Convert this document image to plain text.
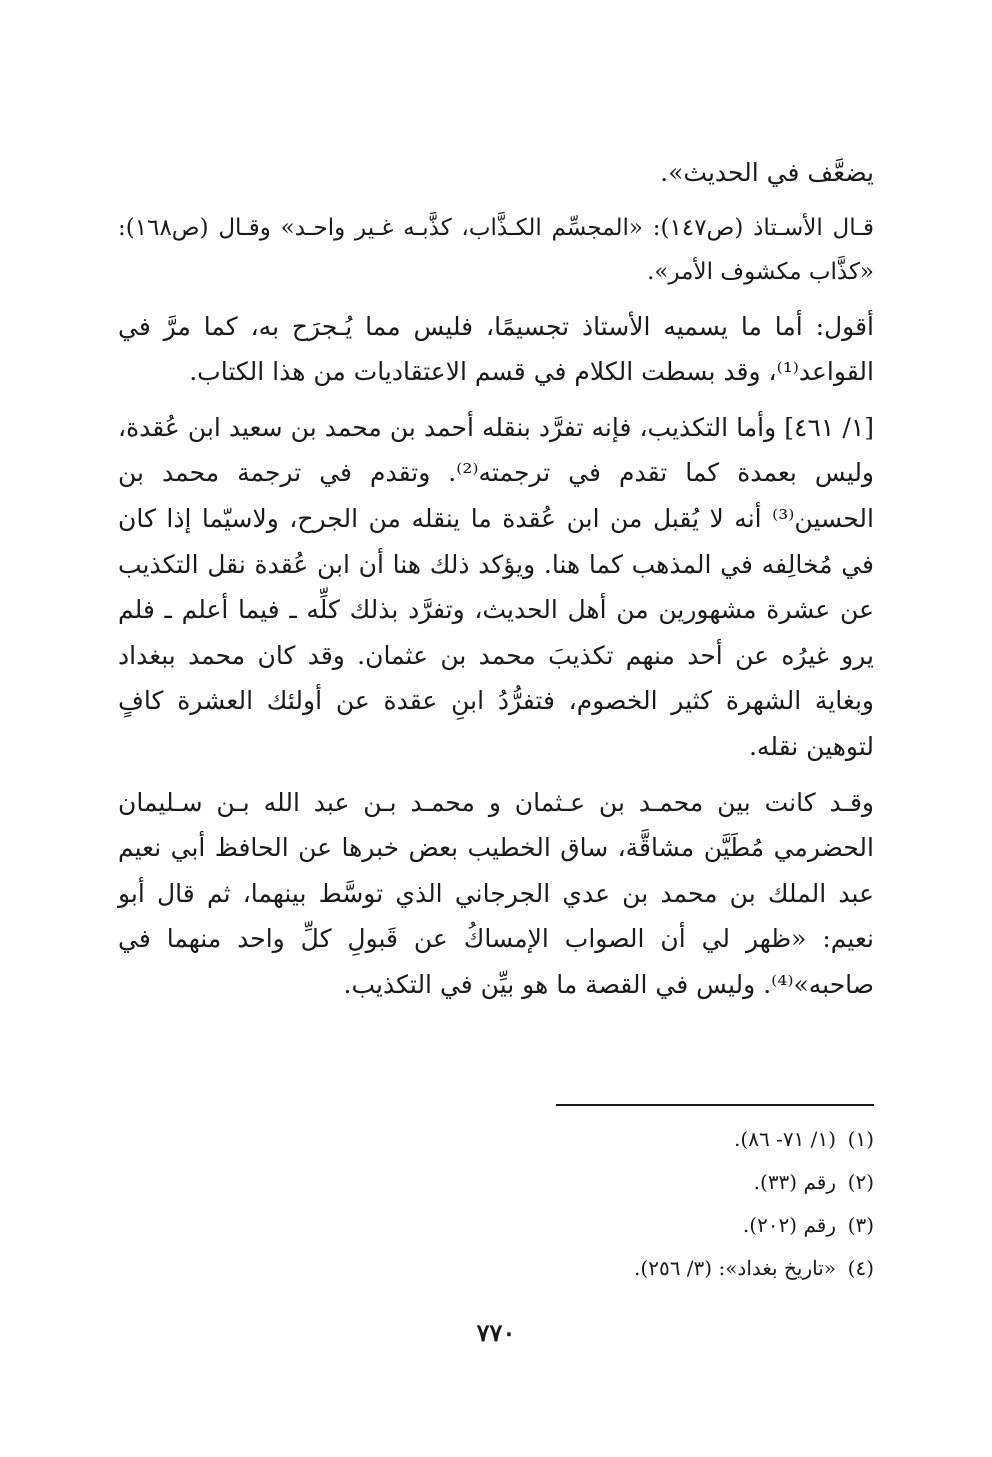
يضعَّف في الحديث».

قـال الأسـتاذ (ص١٤٧): «المجسِّم الكـذَّاب، كذَّبـه غـير واحـد» وقـال (ص١٦٨): «كذَّاب مكشوف الأمر».

أقول: أما ما يسميه الأستاذ تجسيمًا، فليس مما يُـجرَح به، كما مرَّ في القواعد⁽¹⁾، وقد بسطت الكلام في قسم الاعتقاديات من هذا الكتاب.

[١/ ٤٦١] وأما التكذيب، فإنه تفرَّد بنقله أحمد بن محمد بن سعيد ابن عُقدة، وليس بعمدة كما تقدم في ترجمته⁽²⁾. وتقدم في ترجمة محمد بن الحسين⁽³⁾ أنه لا يُقبل من ابن عُقدة ما ينقله من الجرح، ولاسيّما إذا كان في مُخالِفه في المذهب كما هنا. ويؤكد ذلك هنا أن ابن عُقدة نقل التكذيب عن عشرة مشهورين من أهل الحديث، وتفرَّد بذلك كلِّه ـ فيما أعلم ـ فلم يرو غيرُه عن أحد منهم تكذيبَ محمد بن عثمان. وقد كان محمد ببغداد وبغاية الشهرة كثير الخصوم، فتفرُّدُ ابنِ عقدة عن أولئك العشرة كافٍ لتوهين نقله.

وقـد كانت بين محمـد بن عـثمان و محمـد بـن عبد الله بـن سـليمان الحضرمي مُطَيَّن مشاقَّة، ساق الخطيب بعض خبرها عن الحافظ أبي نعيم عبد الملك بن محمد بن عدي الجرجاني الذي توسَّط بينهما، ثم قال أبو نعيم: «ظهر لي أن الصواب الإمساكُ عن قَبولِ كلِّ واحد منهما في صاحبه»⁽⁴⁾. وليس في القصة ما هو بيِّن في التكذيب.

(١)
(١/ ٧١- ٨٦).
(٢)
رقم (٣٣).
(٣)
رقم (٢٠٢).
(٤)
«تاريخ بغداد»: (٣/ ٢٥٦).
٧٧٠
